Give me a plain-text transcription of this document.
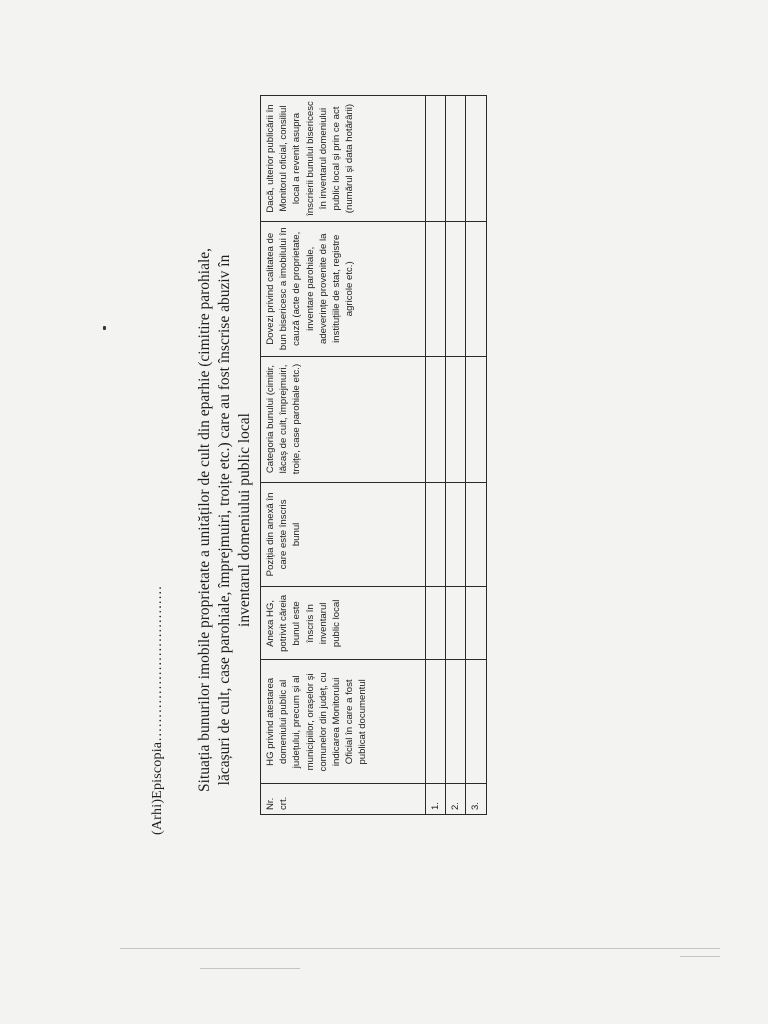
(Arhi)Episcopia…………………………… Situația bunurilor imobile proprietate a unităților de cult din eparhie (cimitire parohiale, lăcașuri de cult, case parohiale, împrejmuiri, troițe etc.) care au fost înscrise abuziv în inventarul domeniului public local
Nr. crt.	HG privind atestarea domeniului public al județului, precum și al municipiilor, orașelor și comunelor din județ, cu indicarea Monitorului Oficial în care a fost publicat documentul	Anexa HG, potrivit căreia bunul este înscris în inventarul public local	Poziția din anexă în care este înscris bunul	Categoria bunului (cimitir, lăcaș de cult, împrejmuiri, troițe, case parohiale etc.)	Dovezi privind calitatea de bun bisericesc a imobilului în cauză (acte de proprietate, inventare parohiale, adeverințe provenite de la instituțiile de stat, registre agricole etc.)	Dacă, ulterior publicării în Monitorul oficial, consiliul local a revenit asupra înscrierii bunului bisericesc în inventarul domeniului public local și prin ce act (numărul și data hotărârii)
1.						
2.						
3.						
